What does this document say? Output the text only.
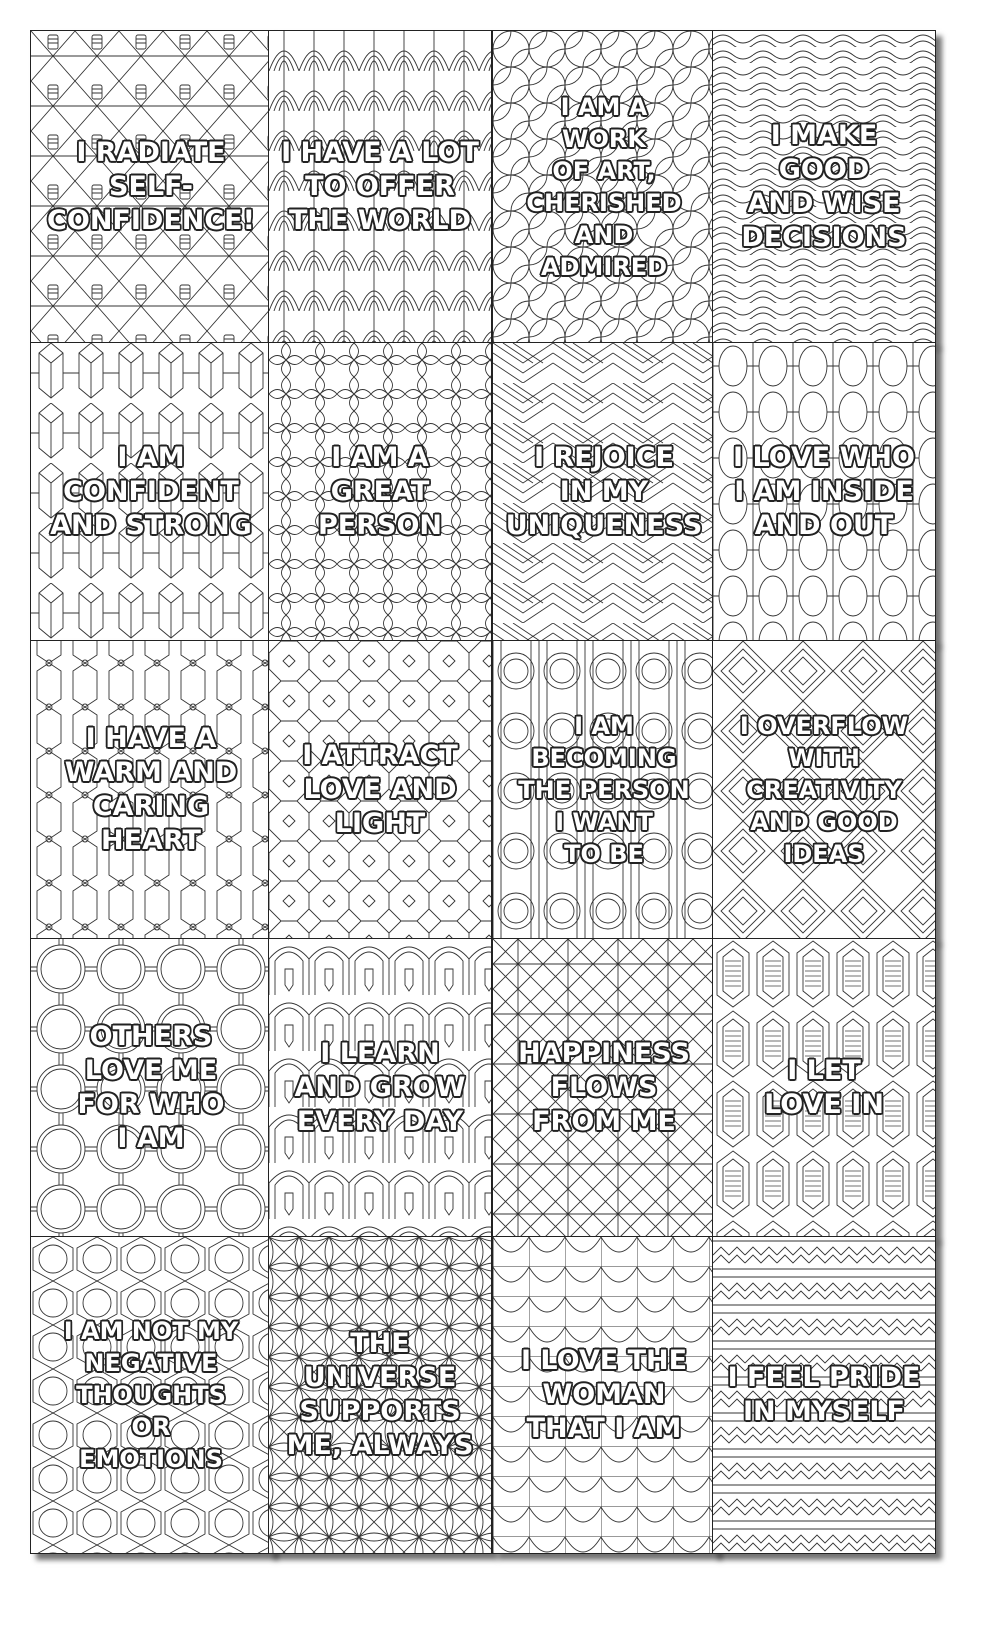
I RADIATE
SELF-
CONFIDENCE!
I HAVE A LOT
TO OFFER
THE WORLD
I AM A
WORK
OF ART,
CHERISHED
AND
ADMIRED
I MAKE
GOOD
AND WISE
DECISIONS
I AM
CONFIDENT
AND STRONG
I AM A
GREAT
PERSON
I REJOICE
IN MY
UNIQUENESS
I LOVE WHO
I AM INSIDE
AND OUT
I HAVE A
WARM AND
CARING
HEART
I ATTRACT
LOVE AND
LIGHT
I AM
BECOMING
THE PERSON
I WANT
TO BE
I OVERFLOW
WITH
CREATIVITY
AND GOOD
IDEAS
OTHERS
LOVE ME
FOR WHO
I AM
I LEARN
AND GROW
EVERY DAY
HAPPINESS
FLOWS
FROM ME
I LET
LOVE IN
I AM NOT MY
NEGATIVE
THOUGHTS
OR
EMOTIONS
THE
UNIVERSE
SUPPORTS
ME, ALWAYS
I LOVE THE
WOMAN
THAT I AM
I FEEL PRIDE
IN MYSELF
